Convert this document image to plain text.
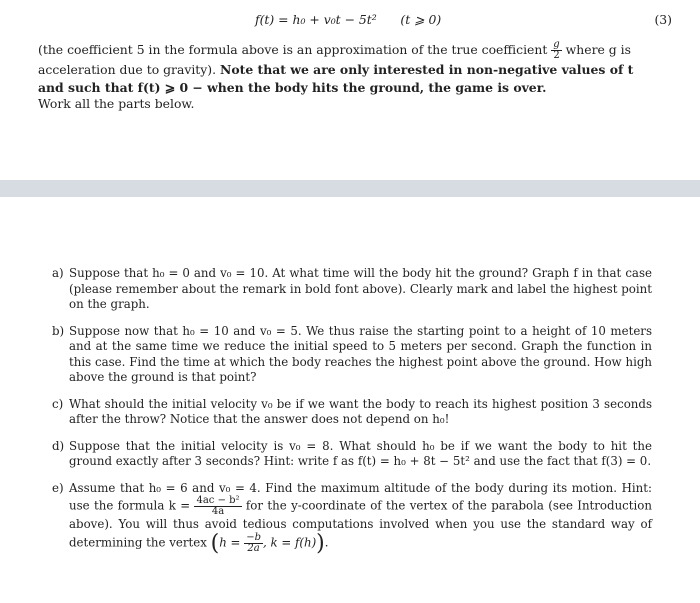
f(t) = h₀ + v₀t − 5t² (t ⩾ 0)	(3)
(the coefficient 5 in the formula above is an approximation of the true coefficient $\frac{g}{2}$ where g is acceleration due to gravity). Note that we are only interested in non-negative values of t and such that f(t) ⩾ 0 − when the body hits the ground, the game is over.
Work all the parts below.
a) Suppose that h₀ = 0 and v₀ = 10. At what time will the body hit the ground? Graph f in that case (please remember about the remark in bold font above). Clearly mark and label the highest point on the graph.
b) Suppose now that h₀ = 10 and v₀ = 5. We thus raise the starting point to a height of 10 meters and at the same time we reduce the initial speed to 5 meters per second. Graph the function in this case. Find the time at which the body reaches the highest point above the ground. How high above the ground is that point?
c) What should the initial velocity v₀ be if we want the body to reach its highest position 3 seconds after the throw? Notice that the answer does not depend on h₀!
d) Suppose that the initial velocity is v₀ = 8. What should h₀ be if we want the body to hit the ground exactly after 3 seconds? Hint: write f as f(t) = h₀ + 8t − 5t² and use the fact that f(3) = 0.
e) Assume that h₀ = 6 and v₀ = 4. Find the maximum altitude of the body during its motion. Hint: use the formula $k = \frac{\text{4ac − b²}}{4a}$ for the y-coordinate of the vertex of the parabola (see Introduction above). You will thus avoid tedious computations involved when you use the standard way of determining the vertex ($h = \frac{-b}{2a}$ , k = f(h)).
